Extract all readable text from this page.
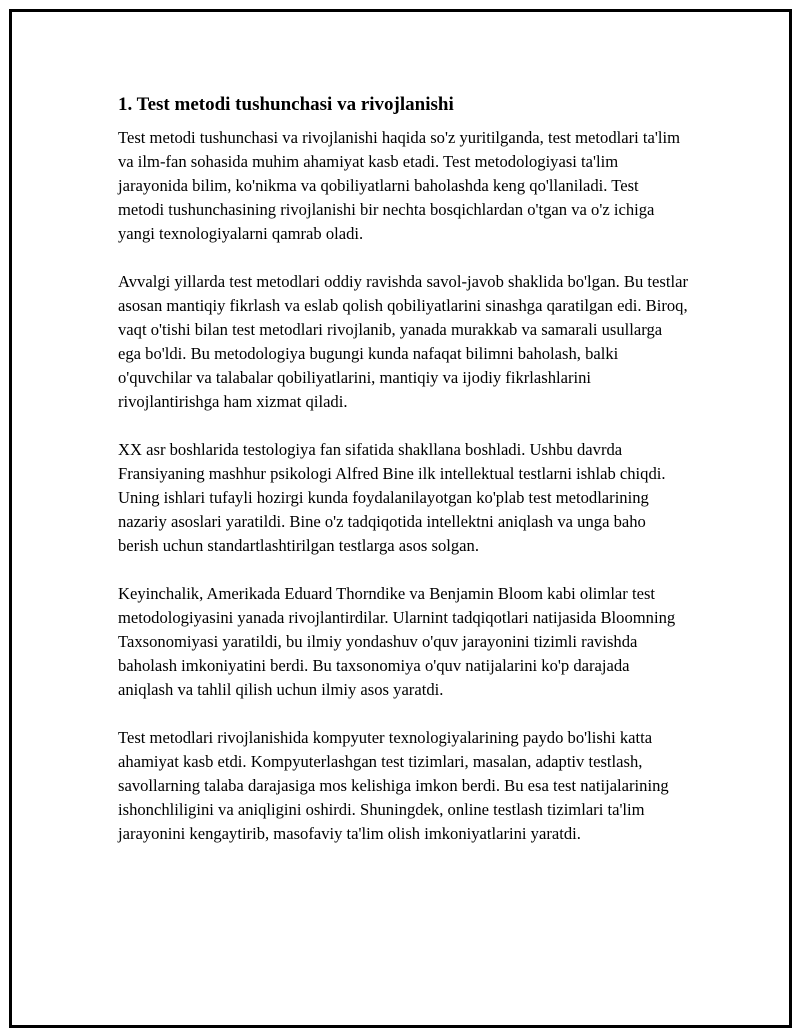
1. Test metodi tushunchasi va rivojlanishi

Test metodi tushunchasi va rivojlanishi haqida so'z yuritilganda, test metodlari ta'lim va ilm-fan sohasida muhim ahamiyat kasb etadi. Test metodologiyasi ta'lim jarayonida bilim, ko'nikma va qobiliyatlarni baholashda keng qo'llaniladi. Test metodi tushunchasining rivojlanishi bir nechta bosqichlardan o'tgan va o'z ichiga yangi texnologiyalarni qamrab oladi.

Avvalgi yillarda test metodlari oddiy ravishda savol-javob shaklida bo'lgan. Bu testlar asosan mantiqiy fikrlash va eslab qolish qobiliyatlarini sinashga qaratilgan edi. Biroq, vaqt o'tishi bilan test metodlari rivojlanib, yanada murakkab va samarali usullarga ega bo'ldi. Bu metodologiya bugungi kunda nafaqat bilimni baholash, balki o'quvchilar va talabalar qobiliyatlarini, mantiqiy va ijodiy fikrlashlarini rivojlantirishga ham xizmat qiladi.

XX asr boshlarida testologiya fan sifatida shakllana boshladi. Ushbu davrda Fransiyaning mashhur psikologi Alfred Bine ilk intellektual testlarni ishlab chiqdi. Uning ishlari tufayli hozirgi kunda foydalanilayotgan ko'plab test metodlarining nazariy asoslari yaratildi. Bine o'z tadqiqotida intellektni aniqlash va unga baho berish uchun standartlashtirilgan testlarga asos solgan.

Keyinchalik, Amerikada Eduard Thorndike va Benjamin Bloom kabi olimlar test metodologiyasini yanada rivojlantirdilar. Ularnint tadqiqotlari natijasida Bloomning Taxsonomiyasi yaratildi, bu ilmiy yondashuv o'quv jarayonini tizimli ravishda baholash imkoniyatini berdi. Bu taxsonomiya o'quv natijalarini ko'p darajada aniqlash va tahlil qilish uchun ilmiy asos yaratdi.

Test metodlari rivojlanishida kompyuter texnologiyalarining paydo bo'lishi katta ahamiyat kasb etdi. Kompyuterlashgan test tizimlari, masalan, adaptiv testlash, savollarning talaba darajasiga mos kelishiga imkon berdi. Bu esa test natijalarining ishonchliligini va aniqligini oshirdi. Shuningdek, online testlash tizimlari ta'lim jarayonini kengaytirib, masofaviy ta'lim olish imkoniyatlarini yaratdi.
